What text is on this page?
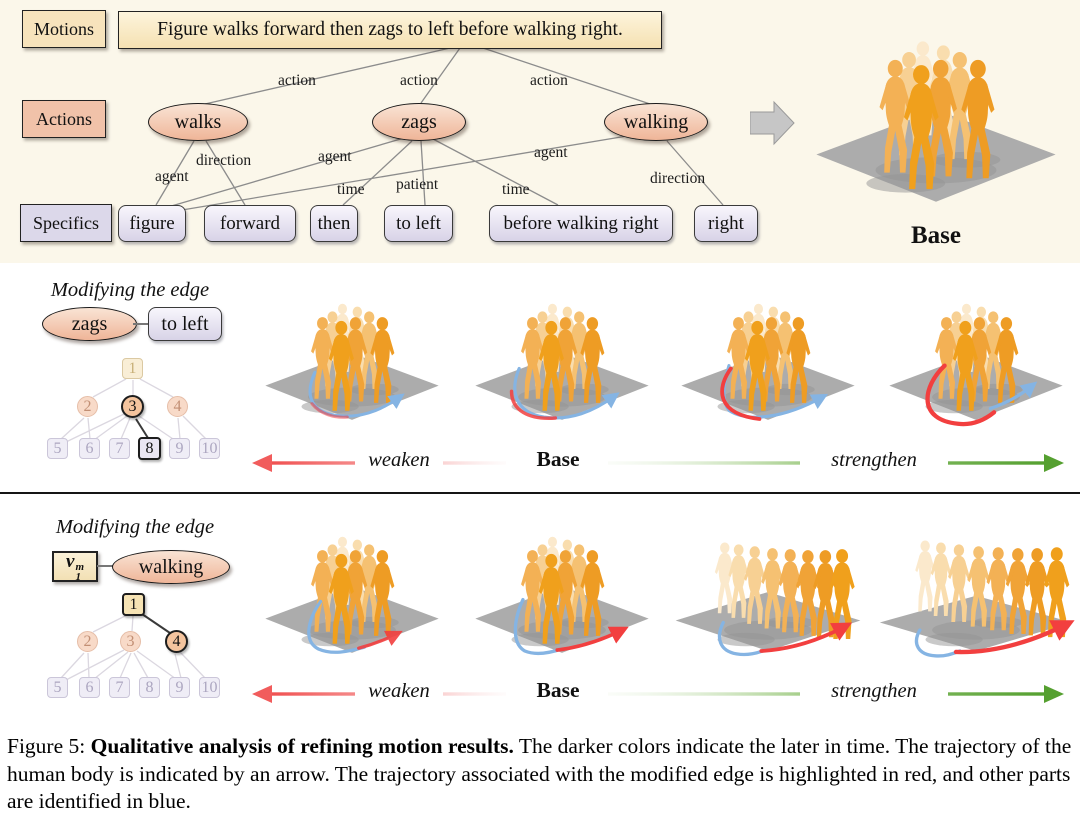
Motions	Figure walks forward then zags to left before walking right.
Actions	walks	zags	walking
Specifics figure forward then to left	before walking right	right
action	action	action
agent
direction	agent
time patient	time
agent
direction
Base
Modifying the edge
zags	to left
1
2 3 4
5 6 7 8 9 10
weaken	Base	strengthen
Modifying the edge
v m
1	walking
1
2 3 4
5 6 7 8 9 10	weaken	Base	strengthen
Figure 5: Qualitative analysis of refining motion results. The darker colors indicate the later in time. The trajectory of the human body is indicated by an arrow. The trajectory associated with the modified edge is highlighted in red, and other parts are identified in blue.
